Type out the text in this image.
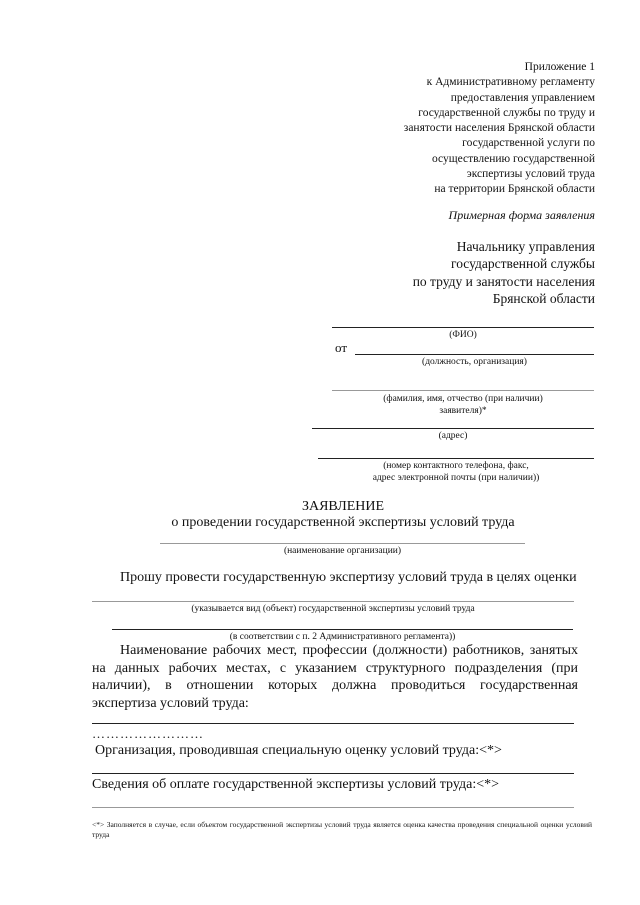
Приложение 1
к Административному регламенту
предоставления управлением
государственной службы по труду и
занятости населения Брянской области
государственной услуги по
осуществлению государственной
экспертизы условий труда
на территории Брянской области
Примерная форма заявления
Начальнику управления
государственной службы
по труду и занятости населения
Брянской области
(ФИО)
от
(должность, организация)
(фамилия, имя, отчество (при наличии)
заявителя)*
(адрес)
(номер контактного телефона, факс,
адрес электронной почты (при наличии))
ЗАЯВЛЕНИЕ
о проведении государственной экспертизы условий труда
(наименование организации)
Прошу провести государственную экспертизу условий труда в целях оценки
(указывается вид (объект) государственной экспертизы условий труда
(в соответствии с п. 2 Административного регламента))
Наименование рабочих мест, профессии (должности) работников, занятых на данных рабочих местах, с указанием структурного подразделения (при наличии), в отношении которых должна проводиться государственная экспертиза условий труда:
……………………
Организация, проводившая специальную оценку условий труда:<*>
Сведения об оплате государственной экспертизы условий труда:<*>
<*> Заполняется в случае, если объектом государственной экспертизы условий труда является оценка качества проведения специальной оценки условий труда
